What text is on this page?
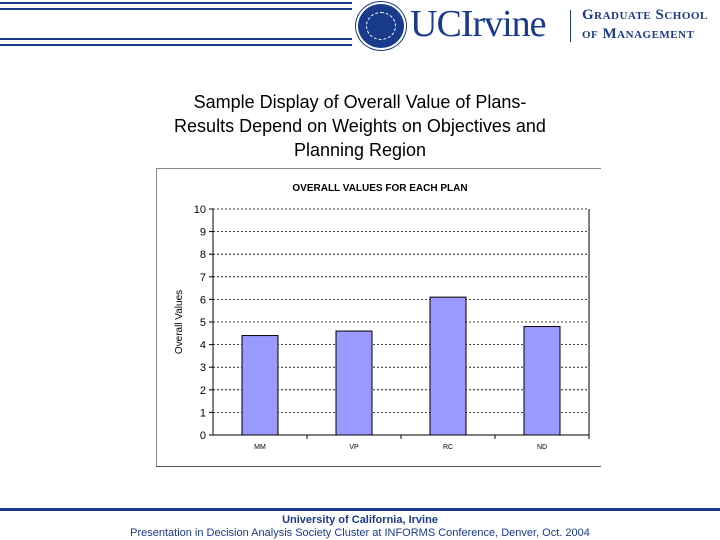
UCIrvine Graduate School
of Management
Sample Display of Overall Value of Plans-
Results Depend on Weights on Objectives and
Planning Region
OVERALL VALUES FOR EACH PLAN
Overall Values
0
1
2
3
4
5
6
7
8
9
10
MM	VP	RC	ND
University of California, Irvine
Presentation in Decision Analysis Society Cluster at INFORMS Conference, Denver, Oct. 2004
